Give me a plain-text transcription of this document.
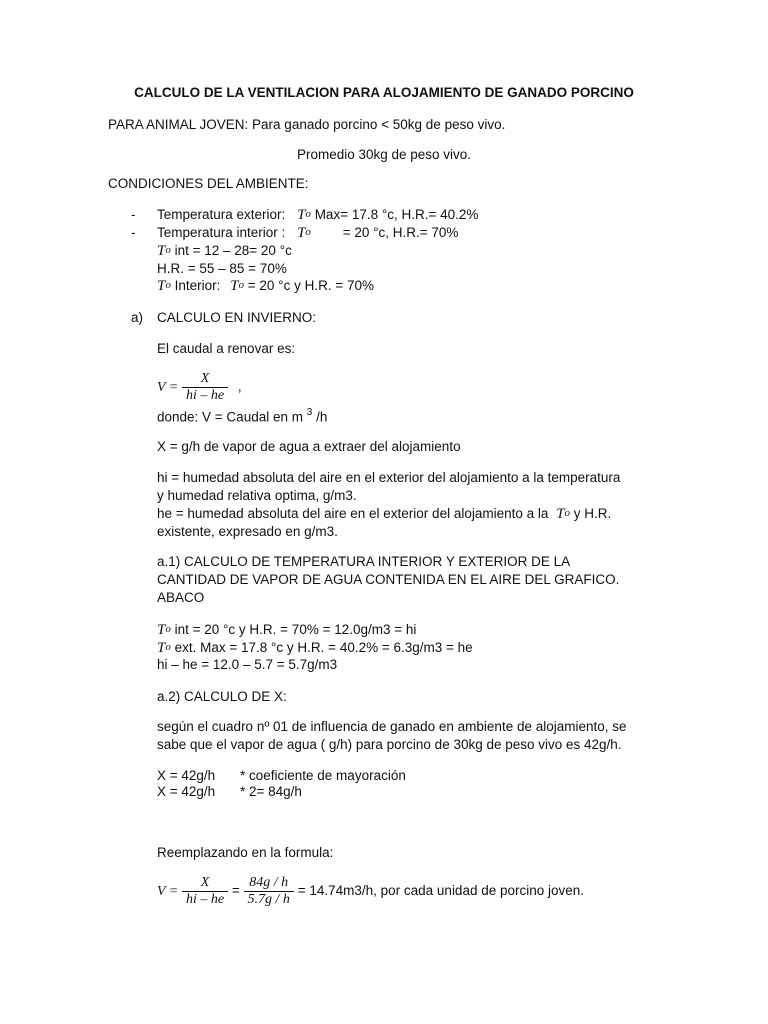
CALCULO DE LA VENTILACION PARA ALOJAMIENTO DE GANADO PORCINO
PARA ANIMAL JOVEN: Para ganado porcino < 50kg de peso vivo.
Promedio 30kg de peso vivo.
CONDICIONES DEL AMBIENTE:
- Temperatura exterior: $T^o$ Max= 17.8 °c, H.R.= 40.2%
- Temperatura interior : $T^o = 20$ °c, H.R.= 70%
$T^o$ int = 12 – 28= 20 °c
H.R. = 55 – 85 = 70%
$T^o$ Interior: $T^o = 20$ °c y H.R. = 70%
a) CALCULO EN INVIERNO:
El caudal a renovar es:
$V = \frac{X}{hi - he}$ ,
donde: V = Caudal en m $^3$ /h
X = g/h de vapor de agua a extraer del alojamiento
hi = humedad absoluta del aire en el exterior del alojamiento a la temperatura
y humedad relativa optima, g/m3.
he = humedad absoluta del aire en el exterior del alojamiento a la $T^o$ y H.R.
existente, expresado en g/m3.
a.1) CALCULO DE TEMPERATURA INTERIOR Y EXTERIOR DE LA
CANTIDAD DE VAPOR DE AGUA CONTENIDA EN EL AIRE DEL GRAFICO.
ABACO
$T^o$ int = 20 °c y H.R. = 70% = 12.0g/m3 = hi
$T^o$ ext. Max = 17.8 °c y H.R. = 40.2% = 6.3g/m3 = he
hi – he = 12.0 – 5.7 = 5.7g/m3
a.2) CALCULO DE X:
según el cuadro nº 01 de influencia de ganado en ambiente de alojamiento, se
sabe que el vapor de agua ( g/h) para porcino de 30kg de peso vivo es 42g/h.
X = 42g/h * coeficiente de mayoración
X = 42g/h * 2= 84g/h
Reemplazando en la formula:
$V = \frac{X}{hi - he} = \frac{84g / h}{5.7g / h} = 14.74m3/h$, por cada unidad de porcino joven.
